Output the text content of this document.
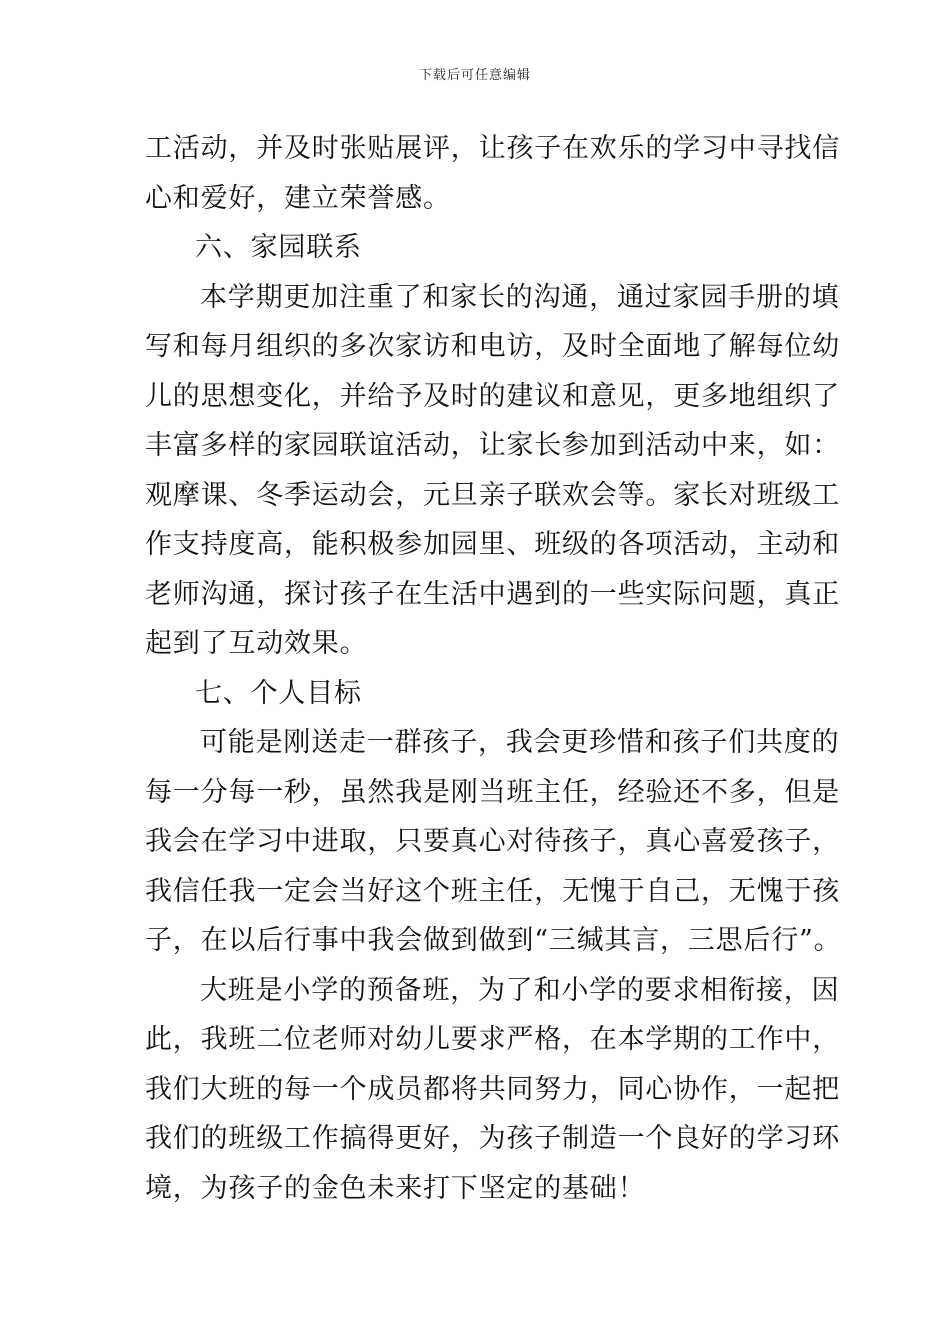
下载后可任意编辑
工活动，并及时张贴展评，让孩子在欢乐的学习中寻找信
心和爱好，建立荣誉感。
六、家园联系
本学期更加注重了和家长的沟通，通过家园手册的填
写和每月组织的多次家访和电访，及时全面地了解每位幼
儿的思想变化，并给予及时的建议和意见，更多地组织了
丰富多样的家园联谊活动，让家长参加到活动中来，如：
观摩课、冬季运动会，元旦亲子联欢会等。家长对班级工
作支持度高，能积极参加园里、班级的各项活动，主动和
老师沟通，探讨孩子在生活中遇到的一些实际问题，真正
起到了互动效果。
七、个人目标
可能是刚送走一群孩子，我会更珍惜和孩子们共度的
每一分每一秒，虽然我是刚当班主任，经验还不多，但是
我会在学习中进取，只要真心对待孩子，真心喜爱孩子，
我信任我一定会当好这个班主任，无愧于自己，无愧于孩
子，在以后行事中我会做到做到“三缄其言，三思后行”。
大班是小学的预备班，为了和小学的要求相衔接，因
此，我班二位老师对幼儿要求严格，在本学期的工作中，
我们大班的每一个成员都将共同努力，同心协作，一起把
我们的班级工作搞得更好，为孩子制造一个良好的学习环
境，为孩子的金色未来打下坚定的基础！
